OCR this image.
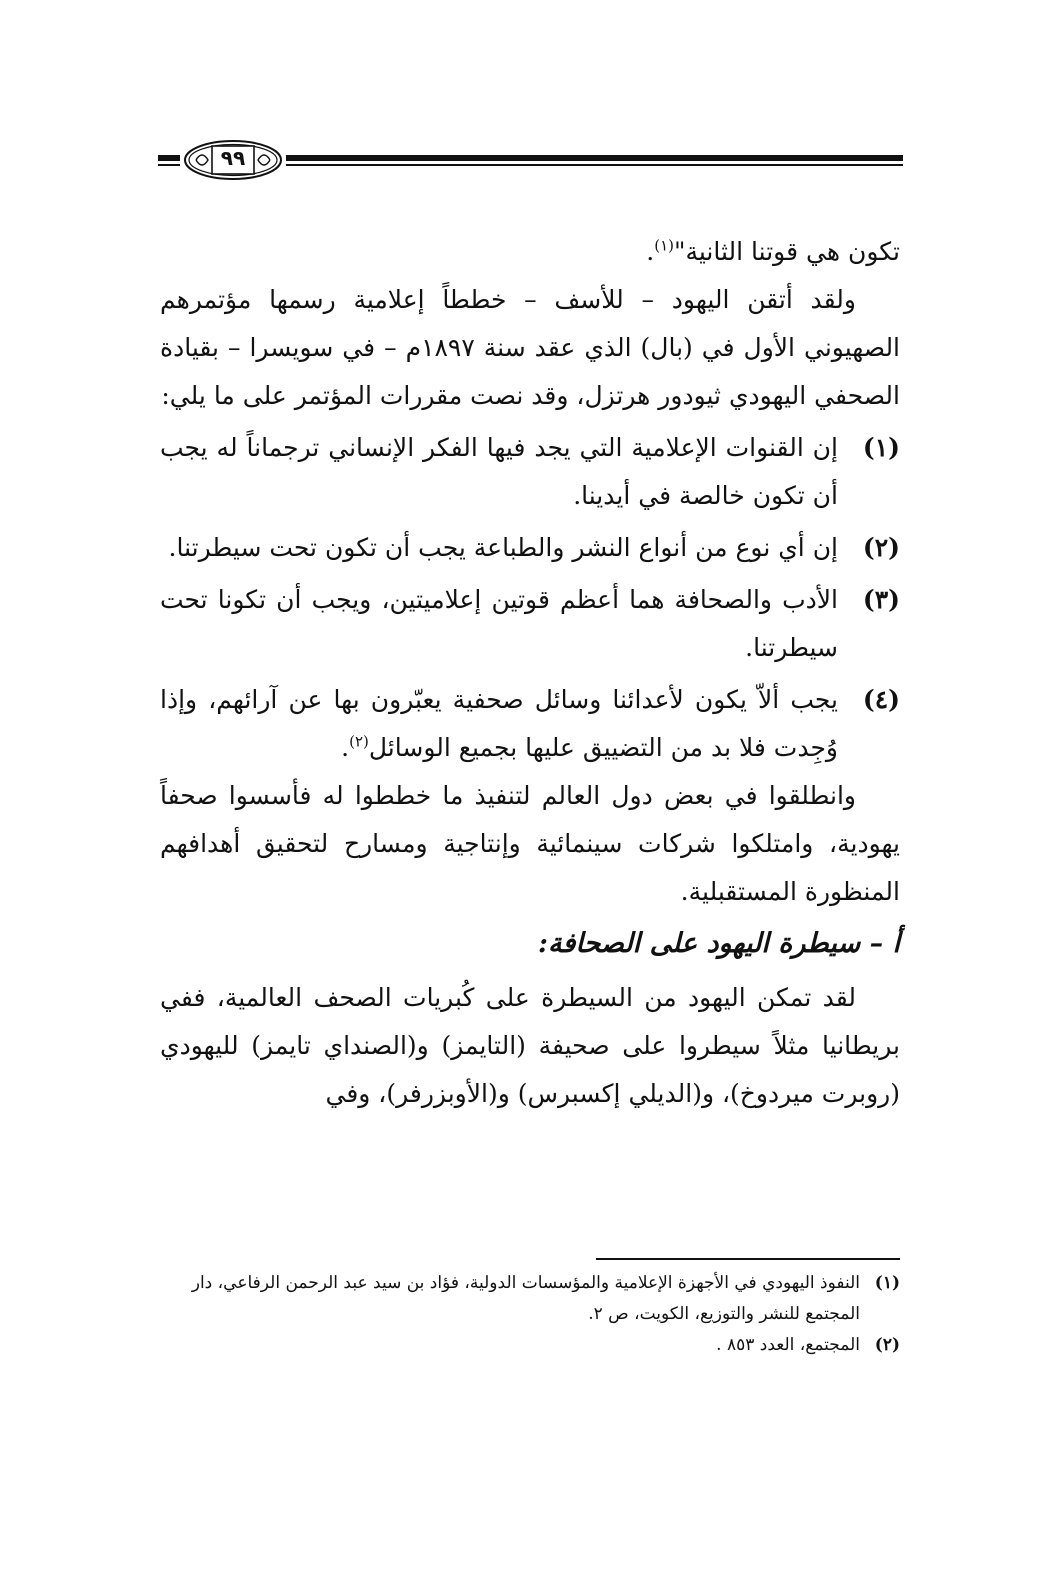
٩٩

تكون هي قوتنا الثانية"$^{(١)}$.

ولقد أتقن اليهود – للأسف – خططاً إعلامية رسمها مؤتمرهم الصهيوني الأول في (بال) الذي عقد سنة ١٨٩٧م – في سويسرا – بقيادة الصحفي اليهودي ثيودور هرتزل، وقد نصت مقررات المؤتمر على ما يلي:

(١)
إن القنوات الإعلامية التي يجد فيها الفكر الإنساني ترجماناً له يجب أن تكون خالصة في أيدينا.
(٢)
إن أي نوع من أنواع النشر والطباعة يجب أن تكون تحت سيطرتنا.
(٣)
الأدب والصحافة هما أعظم قوتين إعلاميتين، ويجب أن تكونا تحت سيطرتنا.
(٤)
يجب ألاّ يكون لأعدائنا وسائل صحفية يعبّرون بها عن آرائهم، وإذا وُجِدت فلا بد من التضييق عليها بجميع الوسائل$^{(٢)}$.

وانطلقوا في بعض دول العالم لتنفيذ ما خططوا له فأسسوا صحفاً يهودية، وامتلكوا شركات سينمائية وإنتاجية ومسارح لتحقيق أهدافهم المنظورة المستقبلية.

أ – سيطرة اليهود على الصحافة:

لقد تمكن اليهود من السيطرة على كُبريات الصحف العالمية، ففي بريطانيا مثلاً سيطروا على صحيفة (التايمز) و(الصنداي تايمز) لليهودي (روبرت ميردوخ)، و(الديلي إكسبرس) و(الأوبزرفر)، وفي

(١)
النفوذ اليهودي في الأجهزة الإعلامية والمؤسسات الدولية، فؤاد بن سيد عبد الرحمن الرفاعي، دار المجتمع للنشر والتوزيع، الكويت، ص ٢.
(٢)
المجتمع، العدد ٨٥٣ .
